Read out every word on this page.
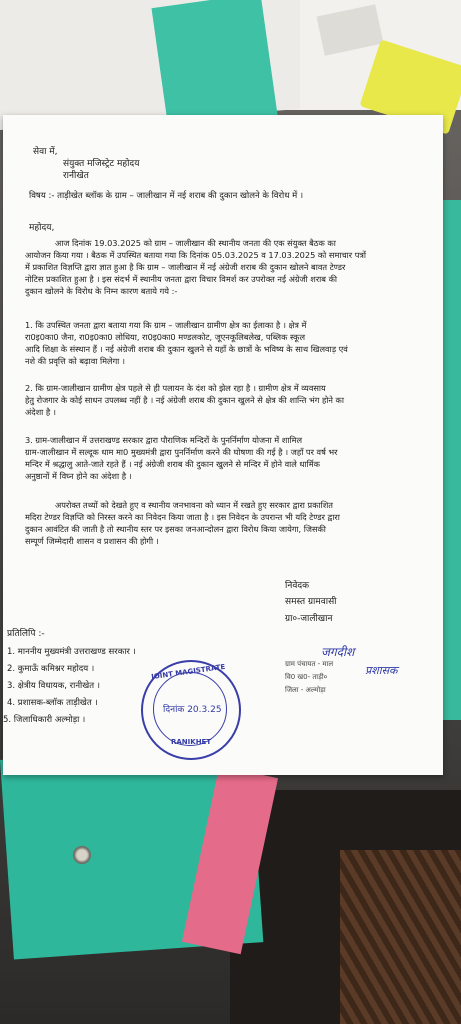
सेवा में,
संयुक्त मजिस्ट्रेट महोदय
रानीखेत
विषय :- ताड़ीखेत ब्लॉक के ग्राम – जालीखान में नई शराब की दुकान खोलने के विरोध में ।
महोदय,
आज दिनांक 19.03.2025 को ग्राम – जालीखान की स्थानीय जनता की एक संयुक्त बैठक का
आयोजन किया गया । बैठक में उपस्थित बताया गया कि दिनांक 05.03.2025 व 17.03.2025 को समाचार पत्रों
में प्रकाशित विज्ञप्ति द्वारा ज्ञात हुआ है कि ग्राम – जालीखान में नई अंग्रेजी शराब की दुकान खोलने बावत टेण्डर
नोटिस प्रकाशित हुआ है । इस संदर्भ में स्थानीय जनता द्वारा विचार विमर्श कर उपरोक्त नई अंग्रेजी शराब की
दुकान खोलने के विरोध के निम्न कारण बताये गये :-
1. कि उपस्थित जनता द्वारा बताया गया कि ग्राम – जालीखान ग्रामीण क्षेत्र का ईलाका है । क्षेत्र में
रा0इ0का0 जैना, रा0इ0का0 लोधिया, रा0इ0का0 मण्डलकोट, जूएनकूलिबलेख, पब्लिक स्कूल
आदि शिक्षा के संस्थान हैं । नई अंग्रेजी शराब की दुकान खुलने से यहाँ के छात्रों के भविष्य के साथ खिलवाड़ एवं
नशे की प्रवृत्ति को बढ़ावा मिलेगा ।
2. कि ग्राम-जालीखान ग्रामीण क्षेत्र पहले से ही पलायन के दंश को झेल रहा है । ग्रामीण क्षेत्र में व्यवसाय
हेतु रोजगार के कोई साधन उपलब्ध नहीं है । नई अंग्रेजी शराब की दुकान खुलने से क्षेत्र की शान्ति भंग होने का
अंदेशा है ।
3. ग्राम-जालीखान में उत्तराखण्ड सरकार द्वारा पौराणिक मन्दिरों के पुनर्निर्माण योजना में शामिल
ग्राम-जालीखान में सल्दूक धाम मा0 मुख्यमंत्री द्वारा पुनर्निर्माण करने की घोषणा की गई है । जहाँ पर वर्ष भर
मन्दिर में श्रद्धालु आते-जाते रहते हैं । नई अंग्रेजी शराब की दुकान खुलने से मन्दिर में होने वाले धार्मिक
अनुष्ठानों में विघ्न होने का अंदेशा है ।
अपरोक्त तथ्यों को देखते हुए व स्थानीय जनभावना को ध्यान में रखते हुए सरकार द्वारा प्रकाशित
मदिरा टेण्डर विज्ञप्ति को निरस्त करने का निवेदन किया जाता है । इस निवेदन के उपरान्त भी यदि टेण्डर द्वारा
दुकान आवंटित की जाती है तो स्थानीय स्तर पर इसका जनआन्दोलन द्वारा विरोध किया जायेगा, जिसकी
सम्पूर्ण जिम्मेदारी शासन व प्रशासन की होगी ।
निवेदक
समस्त ग्रामवासी
ग्रा०-जालीखान
प्रतिलिपि :-
1. माननीय मुख्यमंत्री उत्तराखण्ड सरकार ।
2. कुमाऊँ कमिश्नर महोदय ।
3. क्षेत्रीय विधायक, रानीखेत ।
4. प्रशासक-ब्लॉक ताड़ीखेत ।
5. जिलाधिकारी अल्मोड़ा ।
JOINT MAGISTRATE
दिनांक 20.3.25
RANIKHET
जगदीश
प्रशासक
ग्राम पंचायत - माल
वि0 ख0- ताड़ी०
जिला - अल्मोड़ा
